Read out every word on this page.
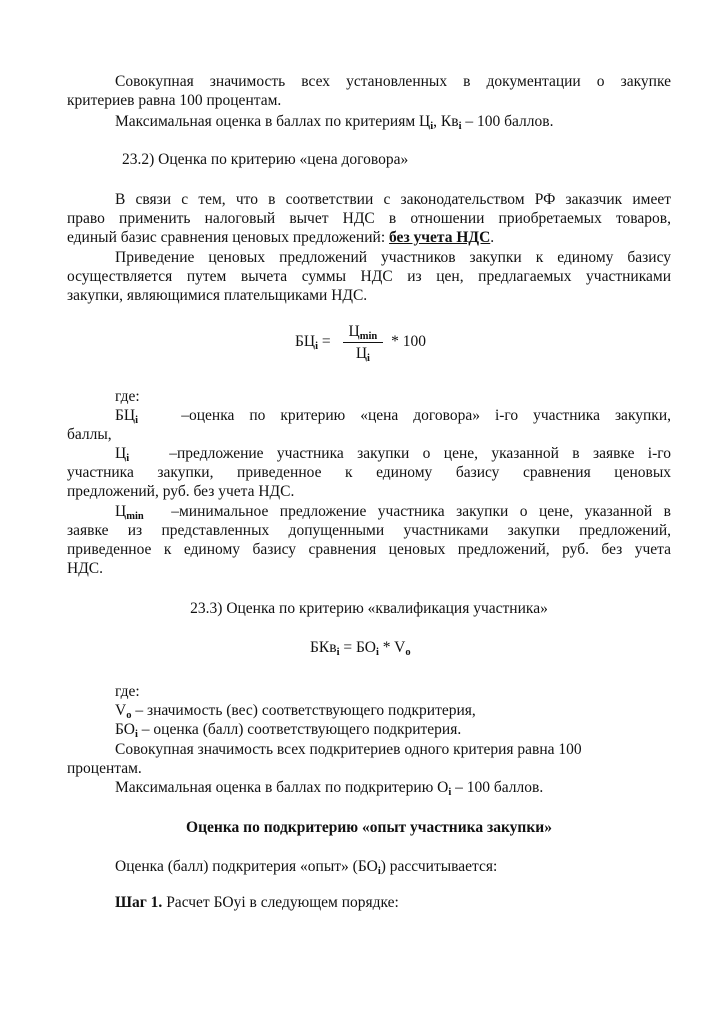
Совокупная значимость всех установленных в документации о закупке

критериев равна 100 процентам.

Максимальная оценка в баллах по критериям $Ц_i$, $Кв_i - 100$ баллов.

23.2) Оценка по критерию «цена договора»

В связи с тем, что в соответствии с законодательством РФ заказчик имеет

право применить налоговый вычет НДС в отношении приобретаемых товаров,

единый базис сравнения ценовых предложений: без учета НДС.

Приведение ценовых предложений участников закупки к единому базису

осуществляется путем вычета суммы НДС из цен, предлагаемых участниками

закупки, являющимися плательщиками НДС.

$БЦ_i = \frac{Ц_{min}}{Ц_i} * 100$

где:

$БЦ_i$ –оценка по критерию «цена договора» i-го участника закупки,

баллы,

$Ц_i$ –предложение участника закупки о цене, указанной в заявке i-го

участника закупки, приведенное к единому базису сравнения ценовых

предложений, руб. без учета НДС.

$Ц_{min}$ –минимальное предложение участника закупки о цене, указанной в

заявке из представленных допущенными участниками закупки предложений,

приведенное к единому базису сравнения ценовых предложений, руб. без учета

НДС.

23.3) Оценка по критерию «квалификация участника»

$БКв_i = БО_i * V_o$

где:

$V_o$ – значимость (вес) соответствующего подкритерия,

$БО_i$ – оценка (балл) соответствующего подкритерия.

Совокупная значимость всех подкритериев одного критерия равна 100

процентам.

Максимальная оценка в баллах по подкритерию $О_i - 100$ баллов.

Оценка по подкритерию «опыт участника закупки»

Оценка (балл) подкритерия «опыт» $(БО_i)$ рассчитывается:

Шаг 1. Расчет БОуi в следующем порядке:
